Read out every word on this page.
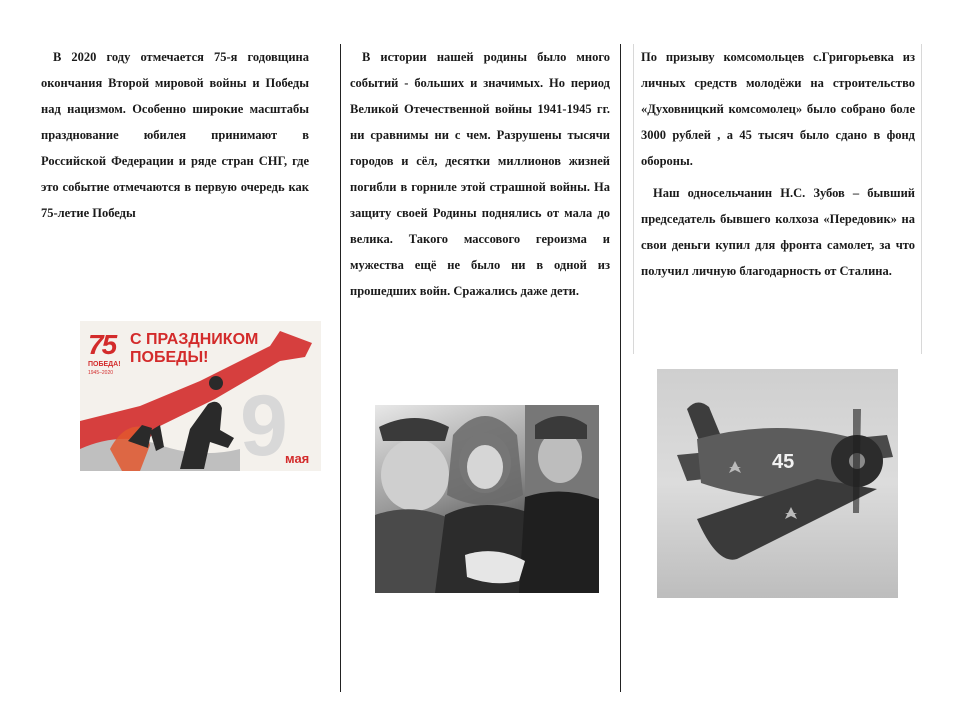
В 2020 году отмечается 75-я годовщина окончания Второй мировой войны и Победы над нацизмом. Особенно широкие масштабы празднование юбилея принимают в Российской Федерации и ряде стран СНГ, где это событие отмечаются в первую очередь как 75-летие Победы

75
ПОБЕДА!
1945–2020
С ПРАЗДНИКОМ ПОБЕДЫ!
9
мая

В истории нашей родины было много событий - больших и значимых. Но период Великой Отечественной войны 1941-1945 гг. ни сравнимы ни с чем. Разрушены тысячи городов и сёл, десятки миллионов жизней погибли в горниле этой страшной войны. На защиту своей Родины поднялись от мала до велика. Такого массового героизма и мужества ещё не было ни в одной из прошедших войн. Сражались даже дети.

По призыву комсомольцев с.Григорьевка из личных средств молодёжи на строительство «Духовницкий комсомолец» было собрано боле 3000 рублей , а 45 тысяч было сдано в фонд обороны.

Наш односельчанин Н.С. Зубов – бывший председатель бывшего колхоза «Передовик» на свои деньги купил для фронта самолет, за что получил личную благодарность от Сталина.

45
